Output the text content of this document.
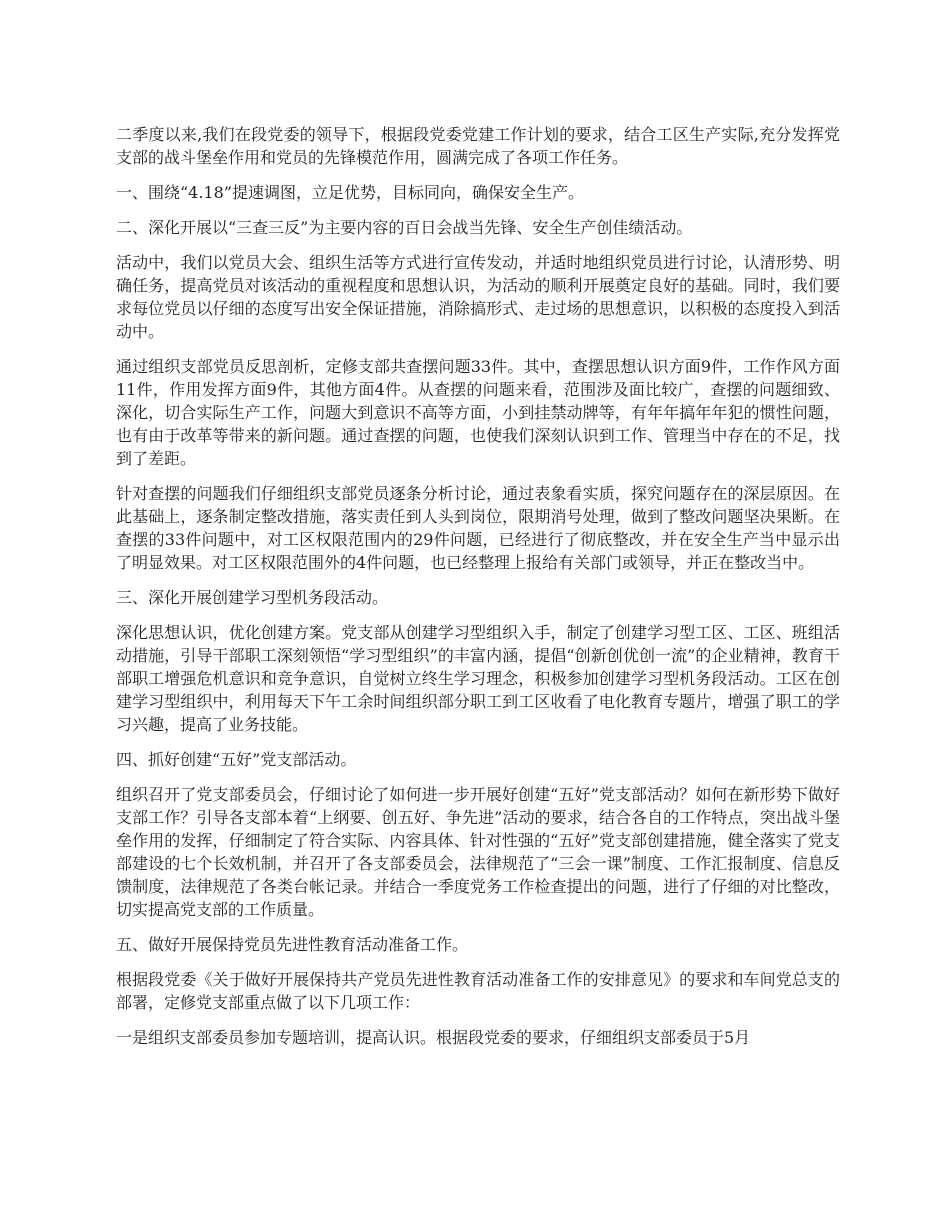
二季度以来,我们在段党委的领导下，根据段党委党建工作计划的要求，结合工区生产实际,充分发挥党支部的战斗堡垒作用和党员的先锋模范作用，圆满完成了各项工作任务。

一、围绕“4.18”提速调图，立足优势，目标同向，确保安全生产。

二、深化开展以“三查三反”为主要内容的百日会战当先锋、安全生产创佳绩活动。

活动中，我们以党员大会、组织生活等方式进行宣传发动，并适时地组织党员进行讨论，认清形势、明确任务，提高党员对该活动的重视程度和思想认识，为活动的顺利开展奠定良好的基础。同时，我们要求每位党员以仔细的态度写出安全保证措施，消除搞形式、走过场的思想意识，以积极的态度投入到活动中。

通过组织支部党员反思剖析，定修支部共查摆问题33件。其中，查摆思想认识方面9件，工作作风方面11件，作用发挥方面9件，其他方面4件。从查摆的问题来看，范围涉及面比较广，查摆的问题细致、深化，切合实际生产工作，问题大到意识不高等方面，小到挂禁动牌等，有年年搞年年犯的惯性问题，也有由于改革等带来的新问题。通过查摆的问题，也使我们深刻认识到工作、管理当中存在的不足，找到了差距。

针对查摆的问题我们仔细组织支部党员逐条分析讨论，通过表象看实质，探究问题存在的深层原因。在此基础上，逐条制定整改措施，落实责任到人头到岗位，限期消号处理，做到了整改问题坚决果断。在查摆的33件问题中，对工区权限范围内的29件问题，已经进行了彻底整改，并在安全生产当中显示出了明显效果。对工区权限范围外的4件问题，也已经整理上报给有关部门或领导，并正在整改当中。

三、深化开展创建学习型机务段活动。

深化思想认识，优化创建方案。党支部从创建学习型组织入手，制定了创建学习型工区、工区、班组活动措施，引导干部职工深刻领悟“学习型组织”的丰富内涵，提倡“创新创优创一流”的企业精神，教育干部职工增强危机意识和竞争意识，自觉树立终生学习理念，积极参加创建学习型机务段活动。工区在创建学习型组织中，利用每天下午工余时间组织部分职工到工区收看了电化教育专题片，增强了职工的学习兴趣，提高了业务技能。

四、抓好创建“五好”党支部活动。

组织召开了党支部委员会，仔细讨论了如何进一步开展好创建“五好”党支部活动？如何在新形势下做好支部工作？引导各支部本着“上纲要、创五好、争先进”活动的要求，结合各自的工作特点，突出战斗堡垒作用的发挥，仔细制定了符合实际、内容具体、针对性强的“五好”党支部创建措施，健全落实了党支部建设的七个长效机制，并召开了各支部委员会，法律规范了“三会一课”制度、工作汇报制度、信息反馈制度，法律规范了各类台帐记录。并结合一季度党务工作检查提出的问题，进行了仔细的对比整改，切实提高党支部的工作质量。

五、做好开展保持党员先进性教育活动准备工作。

根据段党委《关于做好开展保持共产党员先进性教育活动准备工作的安排意见》的要求和车间党总支的部署，定修党支部重点做了以下几项工作：

一是组织支部委员参加专题培训，提高认识。根据段党委的要求，仔细组织支部委员于5月
